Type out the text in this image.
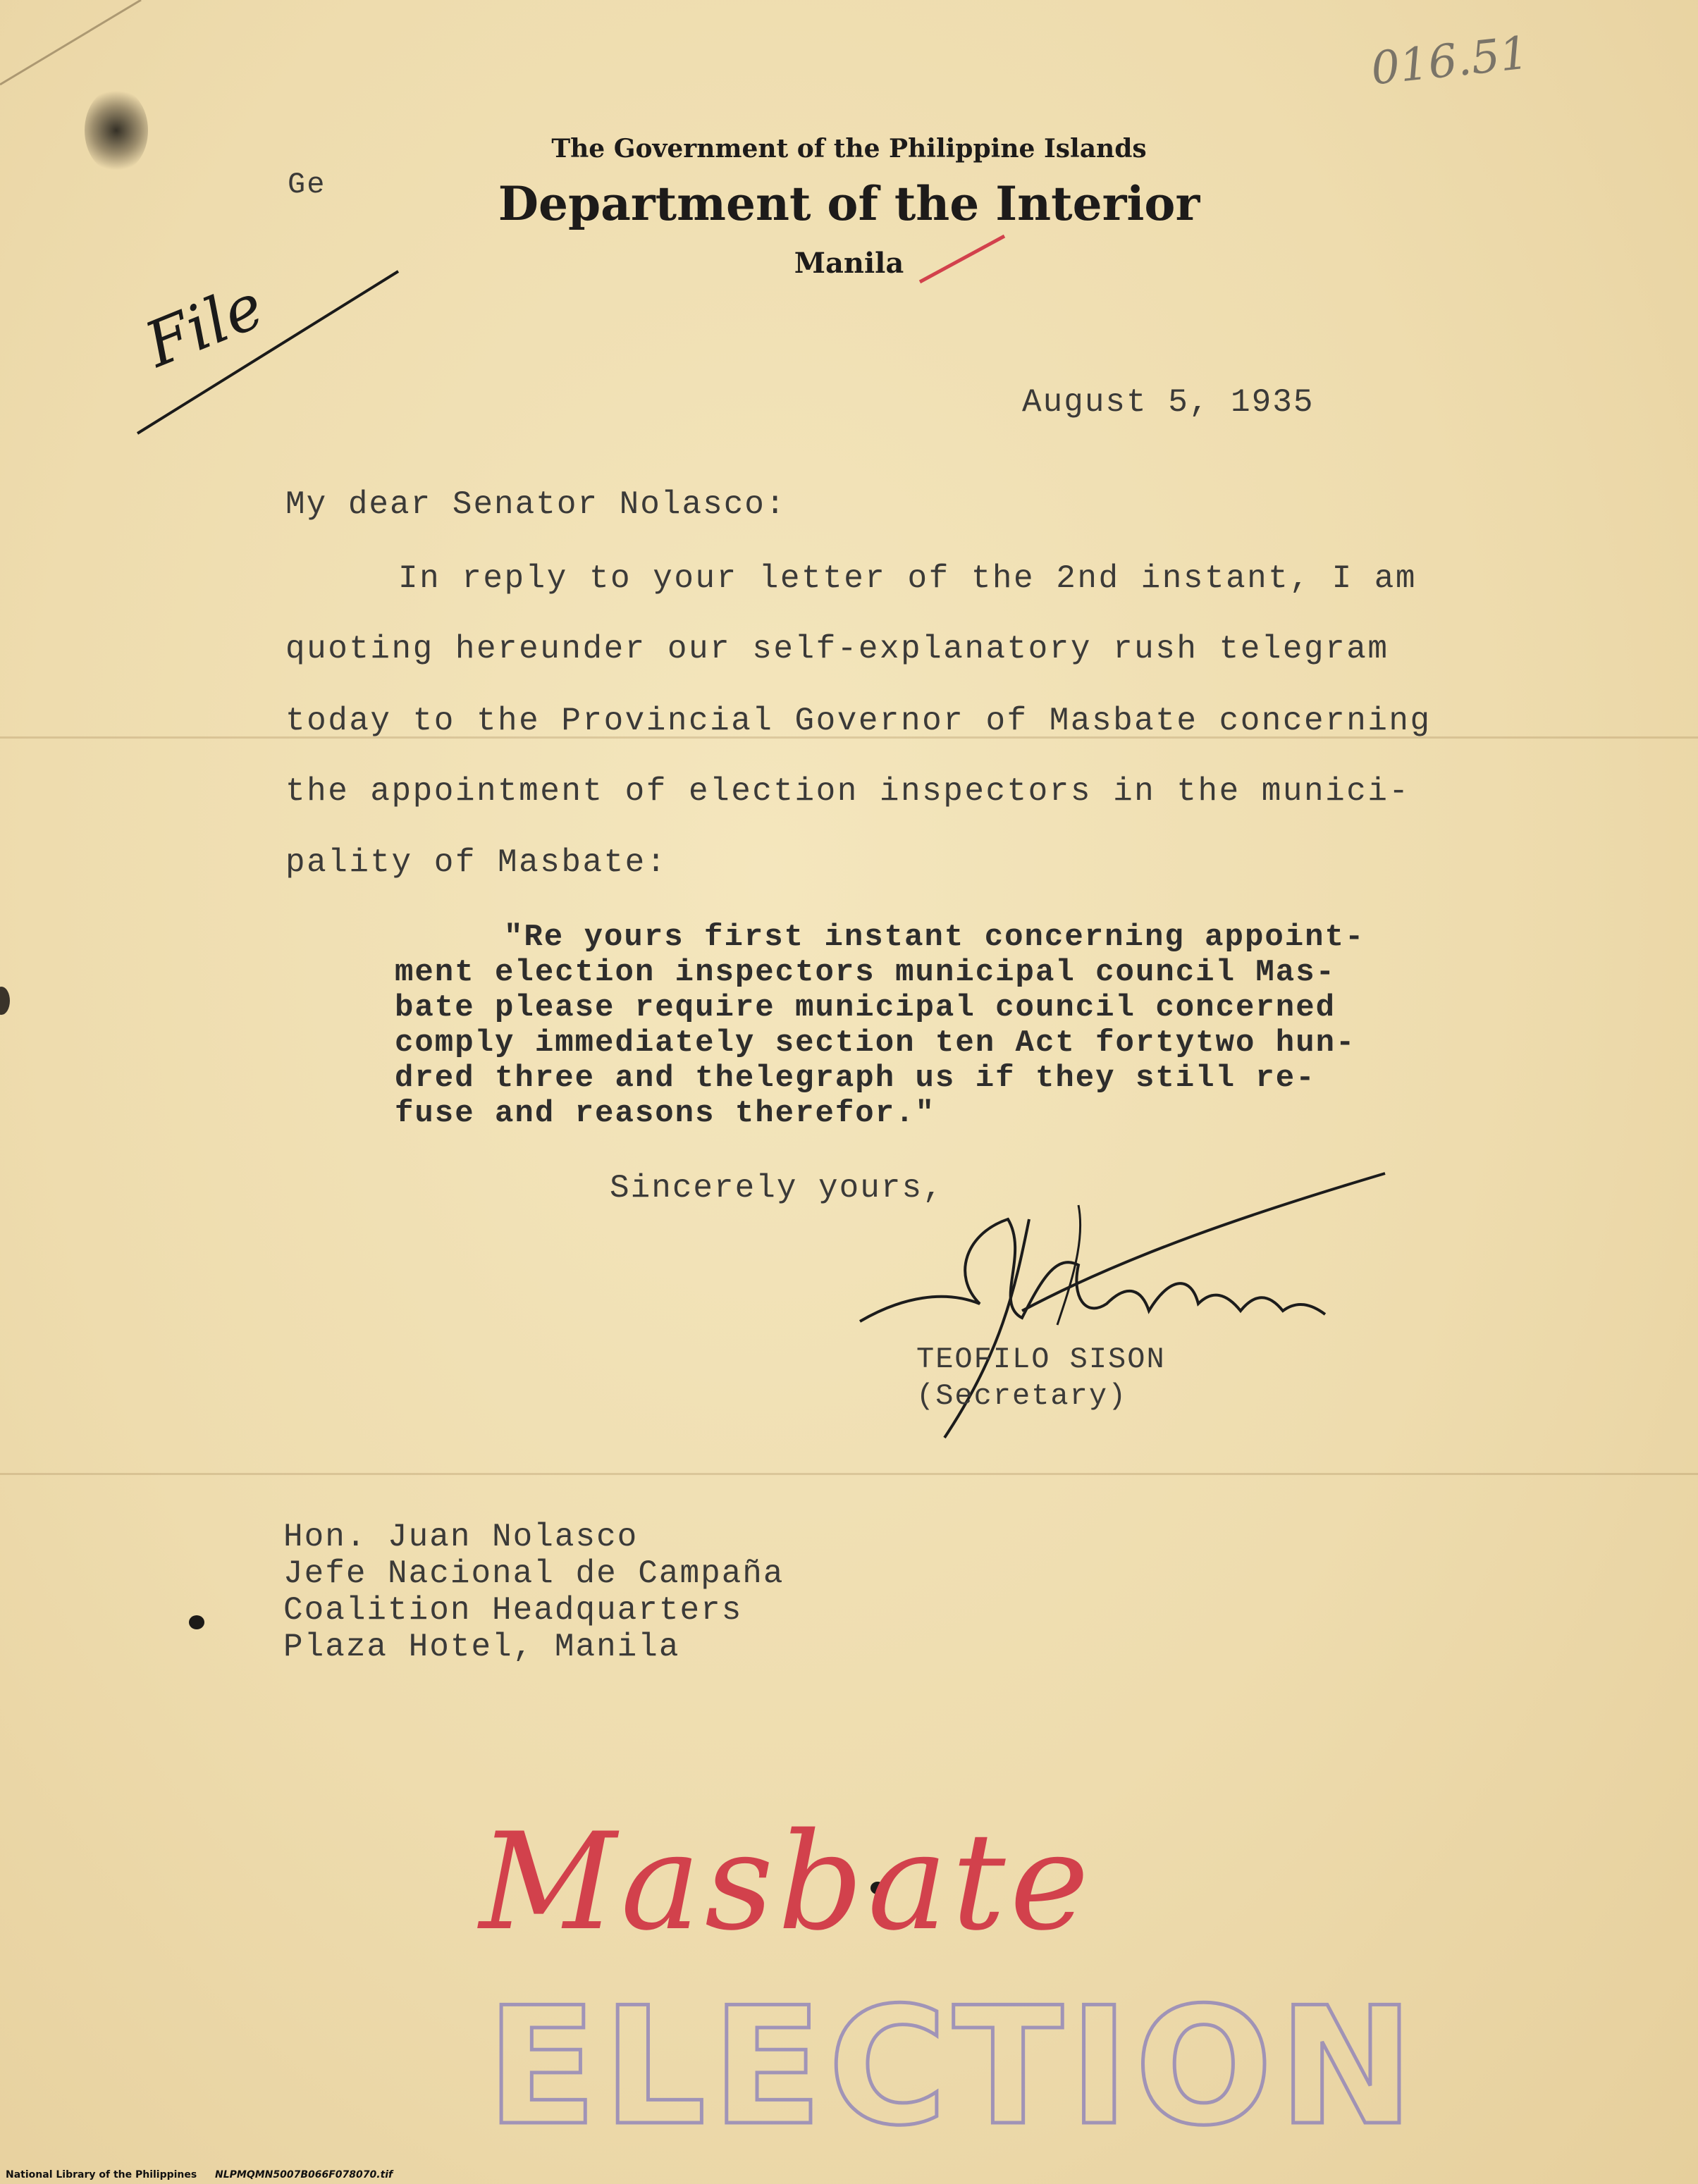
016.51
The Government of the Philippine Islands
Department of the Interior
Manila
Ge
File
August 5, 1935
My dear Senator Nolasco:
In reply to your letter of the 2nd instant, I am
quoting hereunder our self-explanatory rush telegram
today to the Provincial Governor of Masbate concerning
the appointment of election inspectors in the munici-
pality of Masbate:
"Re yours first instant concerning appoint-
ment election inspectors municipal council Mas-
bate please require municipal council concerned
comply immediately section ten Act fortytwo hun-
dred three and thelegraph us if they still re-
fuse and reasons therefor."
Sincerely yours,
TEOFILO SISON
(Secretary)
Hon. Juan Nolasco
Jefe Nacional de Campaña
Coalition Headquarters
Plaza Hotel, Manila
Masbate
ELECTION
National Library of the Philippines NLPMQMN5007B066F078070.tif
